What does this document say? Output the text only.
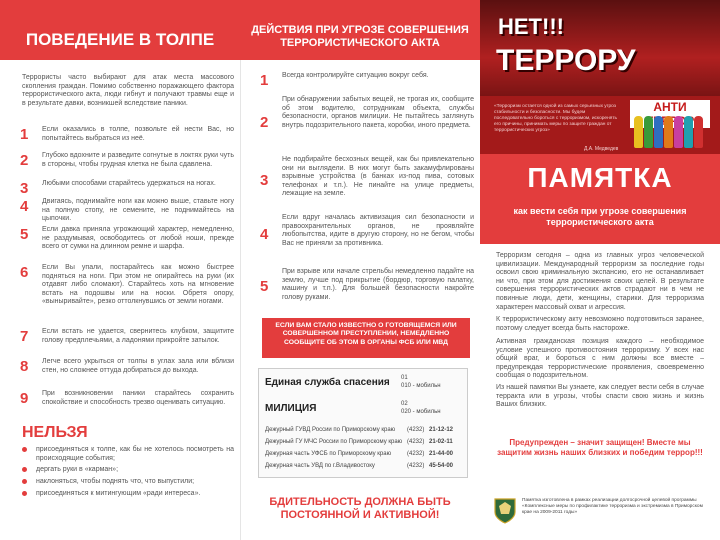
ПОВЕДЕНИЕ В ТОЛПЕ

Террористы часто выбирают для атак места массового скопления граждан. Помимо собственно поражающего фактора террористического акта, люди гибнут и получают травмы еще и в результате давки, возникшей вследствие паники.

1 Если оказались в толпе, позвольте ей нести Вас, но попытайтесь выбраться из неё.

2 Глубоко вдохните и разведите согнутые в локтях руки чуть в стороны, чтобы грудная клетка не была сдавлена.

3 Любыми способами старайтесь удержаться на ногах.

4 Двигаясь, поднимайте ноги как можно выше, ставьте ногу на полную стопу, не семените, не поднимайтесь на цыпочки.

5 Если давка приняла угрожающий характер, немедленно, не раздумывая, освободитесь от любой ноши, прежде всего от сумки на длинном ремне и шарфа.

6 Если Вы упали, постарайтесь как можно быстрее подняться на ноги. При этом не опирайтесь на руки (их отдавят либо сломают). Старайтесь хоть на мгновение встать на подошвы или на носки. Обретя опору, «выныривайте», резко оттолкнувшись от земли ногами.

7 Если встать не удается, свернитесь клубком, защитите голову предплечьями, а ладонями прикройте затылок.

8 Легче всего укрыться от толпы в углах зала или вблизи стен, но сложнее оттуда добираться до выхода.

9 При возникновении паники старайтесь сохранить спокойствие и способность трезво оценивать ситуацию.

НЕЛЬЗЯ

присоединяться к толпе, как бы не хотелось посмотреть на происходящие события;

дергать руки в «карман»;

наклоняться, чтобы поднять что, что выпустили;

присоединяться к митингующим «ради интереса».

ДЕЙСТВИЯ ПРИ УГРОЗЕ СОВЕРШЕНИЯ ТЕРРОРИСТИЧЕСКОГО АКТА
1 Всегда контролируйте ситуацию вокруг себя.

2

При обнаружении забытых вещей, не трогая их, сообщите об этом водителю, сотрудникам объекта, службы безопасности, органов милиции. Не пытайтесь заглянуть внутрь подозрительного пакета, коробки, иного предмета.

3

Не подбирайте бесхозных вещей, как бы привлекательно они ни выглядели. В них могут быть закамуфлированы взрывные устройства (в банках из-под пива, сотовых телефонах и т.п.). Не пинайте на улице предметы, лежащие на земле.

4

Если вдруг началась активизация сил безопасности и правоохранительных органов, не проявляйте любопытства, идите в другую сторону, но не бегом, чтобы Вас не приняли за противника.

5

При взрыве или начале стрельбы немедленно падайте на землю, лучше под прикрытие (бордюр, торговую палатку, машину и т.п.). Для большей безопасности накройте голову руками.

ЕСЛИ ВАМ СТАЛО ИЗВЕСТНО О ГОТОВЯЩЕМСЯ ИЛИ СОВЕРШЕННОМ ПРЕСТУПЛЕНИИ, НЕМЕДЛЕННО СООБЩИТЕ ОБ ЭТОМ В ОРГАНЫ ФСБ ИЛИ МВД
Единая служба спасения 01
010 - мобильн
МИЛИЦИЯ	02
020 - мобильн
Дежурный ГУВД России по Приморскому краю (4232) 21-12-12
Дежурный ГУ МЧС России по Приморскому краю (4232) 21-02-11
Дежурная часть УФСБ по Приморскому краю	(4232) 21-44-00
Дежурная часть УВД по г.Владивостоку	(4232) 45-54-00
БДИТЕЛЬНОСТЬ ДОЛЖНА БЫТЬ ПОСТОЯННОЙ И АКТИВНОЙ!
НЕТ!!!
ТЕРРОРУ

«Терроризм остается одной из самых серьезных угроз стабильности и безопасности. Мы будем последовательно бороться с терроризмом, искоренять его причины, принимать меры по защите граждан от террористических угроз»

Д.А. Медведев
АНТИ
ПАМЯТКА
как вести себя при угрозе совершения террористического акта

Терроризм сегодня – одна из главных угроз человеческой цивилизации. Международный терроризм за последние годы освоил свою криминальную экспансию, его не останавливает ни что, при этом для достижения своих целей. В результате совершения террористических актов страдают ни в чем не повинные люди, дети, женщины, старики. Для терроризма характерен массовый охват и агрессия.

К террористическому акту невозможно подготовиться заранее, поэтому следует всегда быть настороже.

Активная гражданская позиция каждого – необходимое условие успешного противостояния терроризму. У всех нас общий враг, и бороться с ним должны все вместе – предупреждая террористические проявления, своевременно сообщая о подозрительном.

Из нашей памятки Вы узнаете, как следует вести себя в случае терракта или в угрозы, чтобы спасти свою жизнь и жизнь Ваших близких.

Предупрежден – значит защищен! Вместе мы защитим жизнь наших близких и победим террор!!!

Памятка изготовлена в рамках реализации долгосрочной целевой программы «Комплексные меры по профилактике терроризма и экстремизма в Приморском крае на 2009-2011 годы»
